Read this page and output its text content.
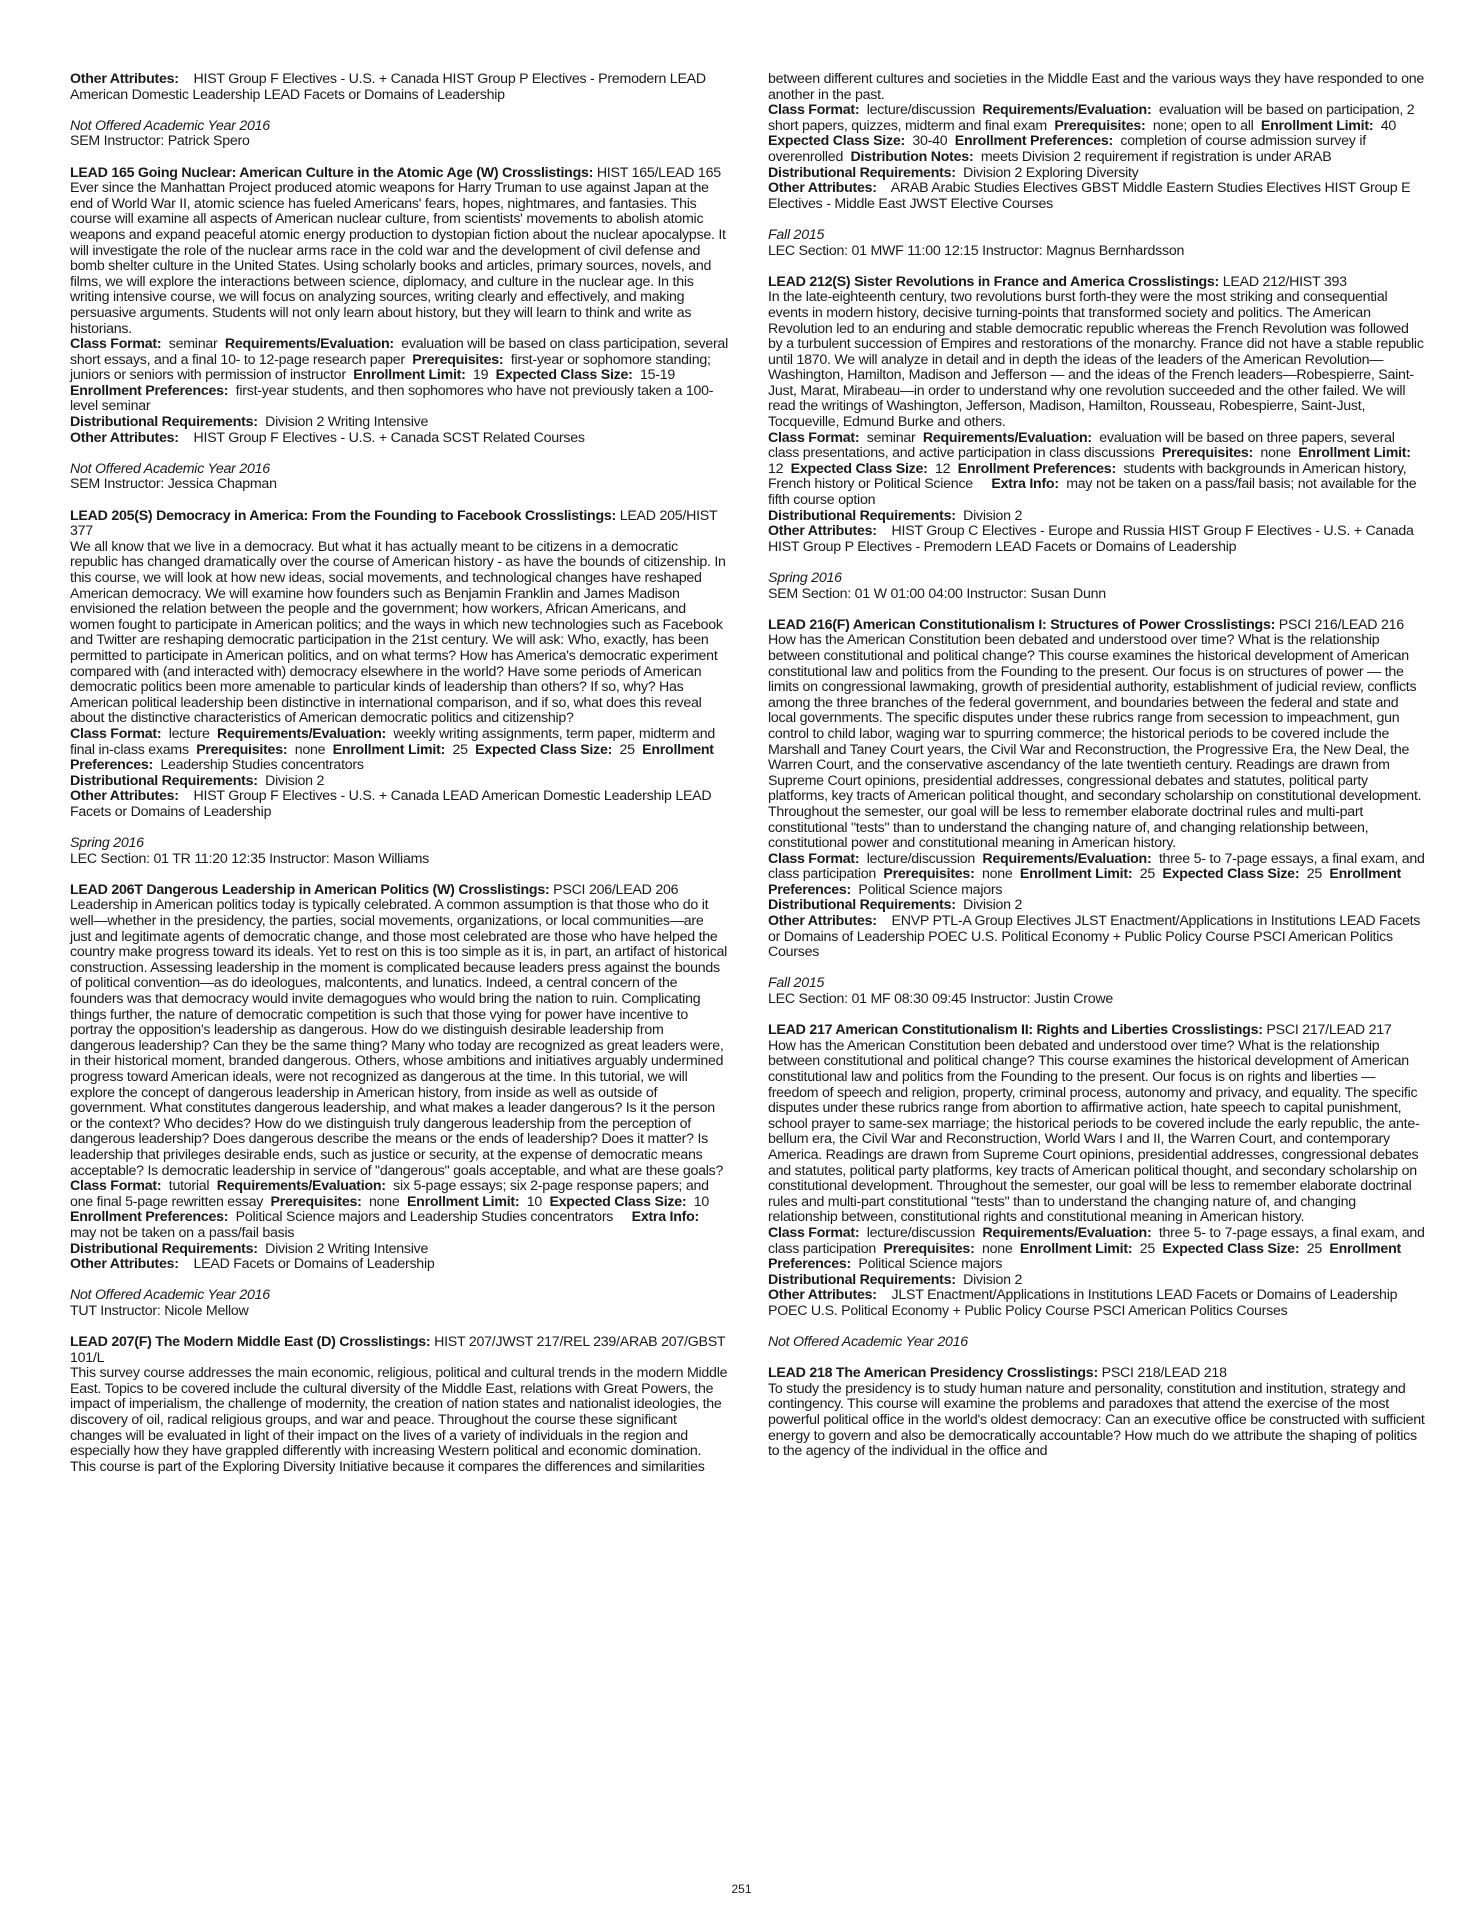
Other Attributes: HIST Group F Electives - U.S. + Canada HIST Group P Electives - Premodern LEAD American Domestic Leadership LEAD Facets or Domains of Leadership

Not Offered Academic Year 2016

SEM Instructor: Patrick Spero

LEAD 165 Going Nuclear: American Culture in the Atomic Age (W) Crosslistings: HIST 165/LEAD 165

Ever since the Manhattan Project produced atomic weapons for Harry Truman to use against Japan at the end of World War II, atomic science has fueled Americans' fears, hopes, nightmares, and fantasies. This course will examine all aspects of American nuclear culture, from scientists' movements to abolish atomic weapons and expand peaceful atomic energy production to dystopian fiction about the nuclear apocalypse. It will investigate the role of the nuclear arms race in the cold war and the development of civil defense and bomb shelter culture in the United States. Using scholarly books and articles, primary sources, novels, and films, we will explore the interactions between science, diplomacy, and culture in the nuclear age. In this writing intensive course, we will focus on analyzing sources, writing clearly and effectively, and making persuasive arguments. Students will not only learn about history, but they will learn to think and write as historians.

Class Format: seminar Requirements/Evaluation: evaluation will be based on class participation, several short essays, and a final 10- to 12-page research paper Prerequisites: first-year or sophomore standing; juniors or seniors with permission of instructor Enrollment Limit: 19 Expected Class Size: 15-19  Enrollment Preferences: first-year students, and then sophomores who have not previously taken a 100-level seminar

Distributional Requirements: Division 2 Writing Intensive

Other Attributes: HIST Group F Electives - U.S. + Canada SCST Related Courses

Not Offered Academic Year 2016

SEM Instructor: Jessica Chapman

LEAD 205(S) Democracy in America: From the Founding to Facebook Crosslistings: LEAD 205/HIST 377

We all know that we live in a democracy. But what it has actually meant to be citizens in a democratic republic has changed dramatically over the course of American history - as have the bounds of citizenship. In this course, we will look at how new ideas, social movements, and technological changes have reshaped American democracy. We will examine how founders such as Benjamin Franklin and James Madison envisioned the relation between the people and the government; how workers, African Americans, and women fought to participate in American politics; and the ways in which new technologies such as Facebook and Twitter are reshaping democratic participation in the 21st century. We will ask: Who, exactly, has been permitted to participate in American politics, and on what terms? How has America's democratic experiment compared with (and interacted with) democracy elsewhere in the world? Have some periods of American democratic politics been more amenable to particular kinds of leadership than others? If so, why? Has American political leadership been distinctive in international comparison, and if so, what does this reveal about the distinctive characteristics of American democratic politics and citizenship?

Class Format: lecture Requirements/Evaluation: weekly writing assignments, term paper, midterm and final in-class exams Prerequisites: none Enrollment Limit: 25 Expected Class Size: 25 Enrollment Preferences: Leadership Studies concentrators

Distributional Requirements: Division 2

Other Attributes: HIST Group F Electives - U.S. + Canada LEAD American Domestic Leadership LEAD Facets or Domains of Leadership

Spring 2016

LEC Section: 01 TR 11:20 12:35 Instructor: Mason Williams

LEAD 206T Dangerous Leadership in American Politics (W) Crosslistings: PSCI 206/LEAD 206

Leadership in American politics today is typically celebrated. A common assumption is that those who do it well—whether in the presidency, the parties, social movements, organizations, or local communities—are just and legitimate agents of democratic change, and those most celebrated are those who have helped the country make progress toward its ideals. Yet to rest on this is too simple as it is, in part, an artifact of historical construction. Assessing leadership in the moment is complicated because leaders press against the bounds of political convention—as do ideologues, malcontents, and lunatics. Indeed, a central concern of the founders was that democracy would invite demagogues who would bring the nation to ruin. Complicating things further, the nature of democratic competition is such that those vying for power have incentive to portray the opposition's leadership as dangerous. How do we distinguish desirable leadership from dangerous leadership? Can they be the same thing? Many who today are recognized as great leaders were, in their historical moment, branded dangerous. Others, whose ambitions and initiatives arguably undermined progress toward American ideals, were not recognized as dangerous at the time. In this tutorial, we will explore the concept of dangerous leadership in American history, from inside as well as outside of government. What constitutes dangerous leadership, and what makes a leader dangerous? Is it the person or the context? Who decides? How do we distinguish truly dangerous leadership from the perception of dangerous leadership? Does dangerous describe the means or the ends of leadership? Does it matter? Is leadership that privileges desirable ends, such as justice or security, at the expense of democratic means acceptable? Is democratic leadership in service of "dangerous" goals acceptable, and what are these goals?

Class Format: tutorial Requirements/Evaluation: six 5-page essays; six 2-page response papers; and one final 5-page rewritten essay Prerequisites: none Enrollment Limit: 10 Expected Class Size: 10  Enrollment Preferences: Political Science majors and Leadership Studies concentrators Extra Info:  may not be taken on a pass/fail basis

Distributional Requirements: Division 2 Writing Intensive

Other Attributes: LEAD Facets or Domains of Leadership

Not Offered Academic Year 2016

TUT Instructor: Nicole Mellow

LEAD 207(F) The Modern Middle East (D) Crosslistings: HIST 207/JWST 217/REL 239/ARAB 207/GBST 101/L

This survey course addresses the main economic, religious, political and cultural trends in the modern Middle East. Topics to be covered include the cultural diversity of the Middle East, relations with Great Powers, the impact of imperialism, the challenge of modernity, the creation of nation states and nationalist ideologies, the discovery of oil, radical religious groups, and war and peace. Throughout the course these significant changes will be evaluated in light of their impact on the lives of a variety of individuals in the region and especially how they have grappled differently with increasing Western political and economic domination. This course is part of the Exploring Diversity Initiative because it compares the differences and similarities

between different cultures and societies in the Middle East and the various ways they have responded to one another in the past.

Class Format: lecture/discussion Requirements/Evaluation: evaluation will be based on participation, 2 short papers, quizzes, midterm and final exam Prerequisites: none; open to all Enrollment Limit: 40  Expected Class Size: 30-40 Enrollment Preferences: completion of course admission survey if overenrolled Distribution Notes: meets Division 2 requirement if registration is under ARAB

Distributional Requirements: Division 2 Exploring Diversity

Other Attributes: ARAB Arabic Studies Electives GBST Middle Eastern Studies Electives HIST Group E Electives - Middle East JWST Elective Courses

Fall 2015

LEC Section: 01 MWF 11:00 12:15 Instructor: Magnus Bernhardsson

LEAD 212(S) Sister Revolutions in France and America Crosslistings: LEAD 212/HIST 393

In the late-eighteenth century, two revolutions burst forth-they were the most striking and consequential events in modern history, decisive turning-points that transformed society and politics. The American Revolution led to an enduring and stable democratic republic whereas the French Revolution was followed by a turbulent succession of Empires and restorations of the monarchy. France did not have a stable republic until 1870. We will analyze in detail and in depth the ideas of the leaders of the American Revolution—Washington, Hamilton, Madison and Jefferson — and the ideas of the French leaders—Robespierre, Saint-Just, Marat, Mirabeau—in order to understand why one revolution succeeded and the other failed. We will read the writings of Washington, Jefferson, Madison, Hamilton, Rousseau, Robespierre, Saint-Just, Tocqueville, Edmund Burke and others.

Class Format: seminar Requirements/Evaluation: evaluation will be based on three papers, several class presentations, and active participation in class discussions Prerequisites: none Enrollment Limit:  12 Expected Class Size: 12 Enrollment Preferences: students with backgrounds in American history, French history or Political Science Extra Info: may not be taken on a pass/fail basis; not available for the fifth course option

Distributional Requirements: Division 2

Other Attributes: HIST Group C Electives - Europe and Russia HIST Group F Electives - U.S. + Canada HIST Group P Electives - Premodern LEAD Facets or Domains of Leadership

Spring 2016

SEM Section: 01 W 01:00 04:00 Instructor: Susan Dunn

LEAD 216(F) American Constitutionalism I: Structures of Power Crosslistings: PSCI 216/LEAD 216

How has the American Constitution been debated and understood over time? What is the relationship between constitutional and political change? This course examines the historical development of American constitutional law and politics from the Founding to the present. Our focus is on structures of power — the limits on congressional lawmaking, growth of presidential authority, establishment of judicial review, conflicts among the three branches of the federal government, and boundaries between the federal and state and local governments. The specific disputes under these rubrics range from secession to impeachment, gun control to child labor, waging war to spurring commerce; the historical periods to be covered include the Marshall and Taney Court years, the Civil War and Reconstruction, the Progressive Era, the New Deal, the Warren Court, and the conservative ascendancy of the late twentieth century. Readings are drawn from Supreme Court opinions, presidential addresses, congressional debates and statutes, political party platforms, key tracts of American political thought, and secondary scholarship on constitutional development. Throughout the semester, our goal will be less to remember elaborate doctrinal rules and multi-part constitutional "tests" than to understand the changing nature of, and changing relationship between, constitutional power and constitutional meaning in American history.

Class Format: lecture/discussion Requirements/Evaluation: three 5- to 7-page essays, a final exam, and class participation Prerequisites: none Enrollment Limit: 25 Expected Class Size: 25 Enrollment Preferences: Political Science majors

Distributional Requirements: Division 2

Other Attributes: ENVP PTL-A Group Electives JLST Enactment/Applications in Institutions LEAD Facets or Domains of Leadership POEC U.S. Political Economy + Public Policy Course PSCI American Politics Courses

Fall 2015

LEC Section: 01 MF 08:30 09:45 Instructor: Justin Crowe

LEAD 217 American Constitutionalism II: Rights and Liberties Crosslistings: PSCI 217/LEAD 217

How has the American Constitution been debated and understood over time? What is the relationship between constitutional and political change? This course examines the historical development of American constitutional law and politics from the Founding to the present. Our focus is on rights and liberties — freedom of speech and religion, property, criminal process, autonomy and privacy, and equality. The specific disputes under these rubrics range from abortion to affirmative action, hate speech to capital punishment, school prayer to same-sex marriage; the historical periods to be covered include the early republic, the ante-bellum era, the Civil War and Reconstruction, World Wars I and II, the Warren Court, and contemporary America. Readings are drawn from Supreme Court opinions, presidential addresses, congressional debates and statutes, political party platforms, key tracts of American political thought, and secondary scholarship on constitutional development. Throughout the semester, our goal will be less to remember elaborate doctrinal rules and multi-part constitutional "tests" than to understand the changing nature of, and changing relationship between, constitutional rights and constitutional meaning in American history.

Class Format: lecture/discussion Requirements/Evaluation: three 5- to 7-page essays, a final exam, and class participation Prerequisites: none Enrollment Limit: 25 Expected Class Size: 25 Enrollment Preferences: Political Science majors

Distributional Requirements: Division 2

Other Attributes: JLST Enactment/Applications in Institutions LEAD Facets or Domains of Leadership POEC U.S. Political Economy + Public Policy Course PSCI American Politics Courses

Not Offered Academic Year 2016

LEAD 218 The American Presidency Crosslistings: PSCI 218/LEAD 218

To study the presidency is to study human nature and personality, constitution and institution, strategy and contingency. This course will examine the problems and paradoxes that attend the exercise of the most powerful political office in the world's oldest democracy: Can an executive office be constructed with sufficient energy to govern and also be democratically accountable? How much do we attribute the shaping of politics to the agency of the individual in the office and

251
